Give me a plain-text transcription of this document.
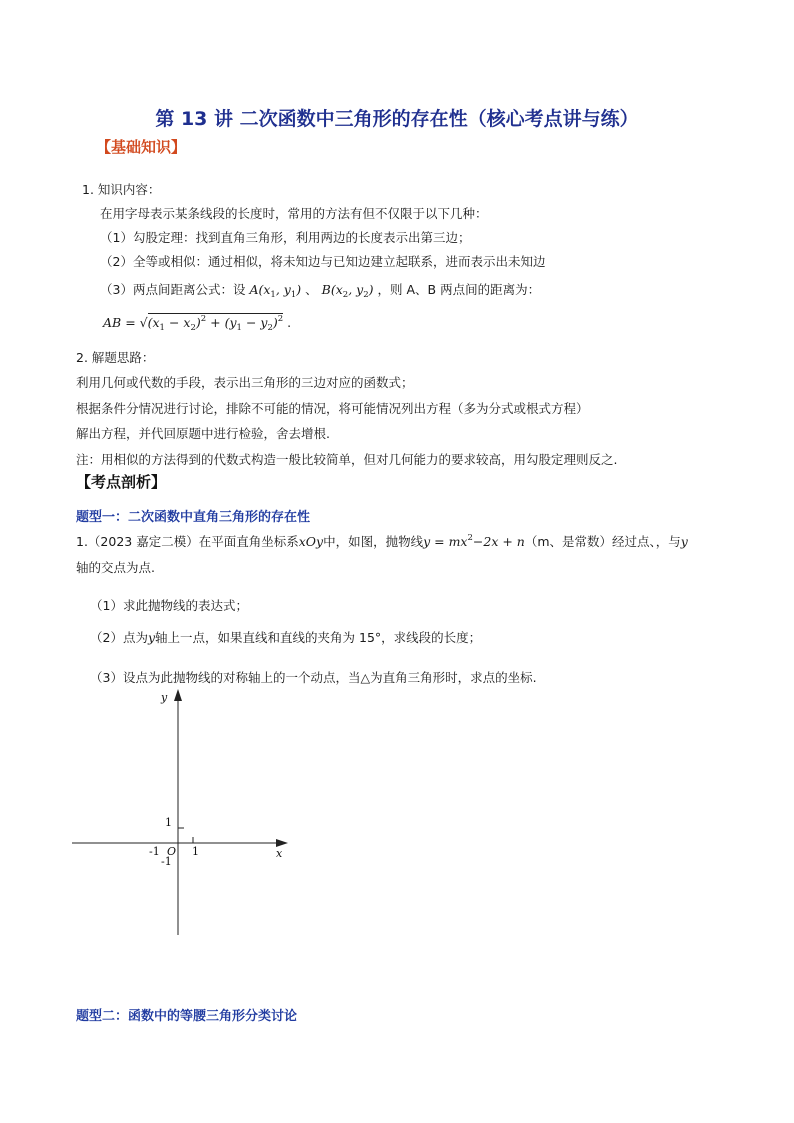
第 13 讲 二次函数中三角形的存在性（核心考点讲与练）
【基础知识】
1. 知识内容：
在用字母表示某条线段的长度时，常用的方法有但不仅限于以下几种：
（1）勾股定理：找到直角三角形，利用两边的长度表示出第三边；
（2）全等或相似：通过相似，将未知边与已知边建立起联系，进而表示出未知边
（3）两点间距离公式：设 $A(x_1$, $y_1$) 、 $B(x_2$, $y_2$) ，则 A、B 两点间的距离为：
AB = $√(x_1 - x_2)^2 + (y_1 - y_2)^2$ .
2. 解题思路：
利用几何或代数的手段，表示出三角形的三边对应的函数式；
根据条件分情况进行讨论，排除不可能的情况，将可能情况列出方程（多为分式或根式方程）
解出方程，并代回原题中进行检验，舍去增根.
注：用相似的方法得到的代数式构造一般比较简单，但对几何能力的要求较高，用勾股定理则反之.
【考点剖析】
题型一：二次函数中直角三角形的存在性
1.（2023 嘉定二模）在平面直角坐标系xOy中，如图，抛物线$y = mx^2-2x + n(m$、是常数）经过点、，与y
轴的交点为点.
（1）求此抛物线的表达式；
（2）点为y轴上一点，如果直线和直线的夹角为 15°，求线段的长度；
（3）设点为此抛物线的对称轴上的一个动点，当△为直角三角形时，求点的坐标.
y
x
O
1
-1
1
-1
题型二：函数中的等腰三角形分类讨论
